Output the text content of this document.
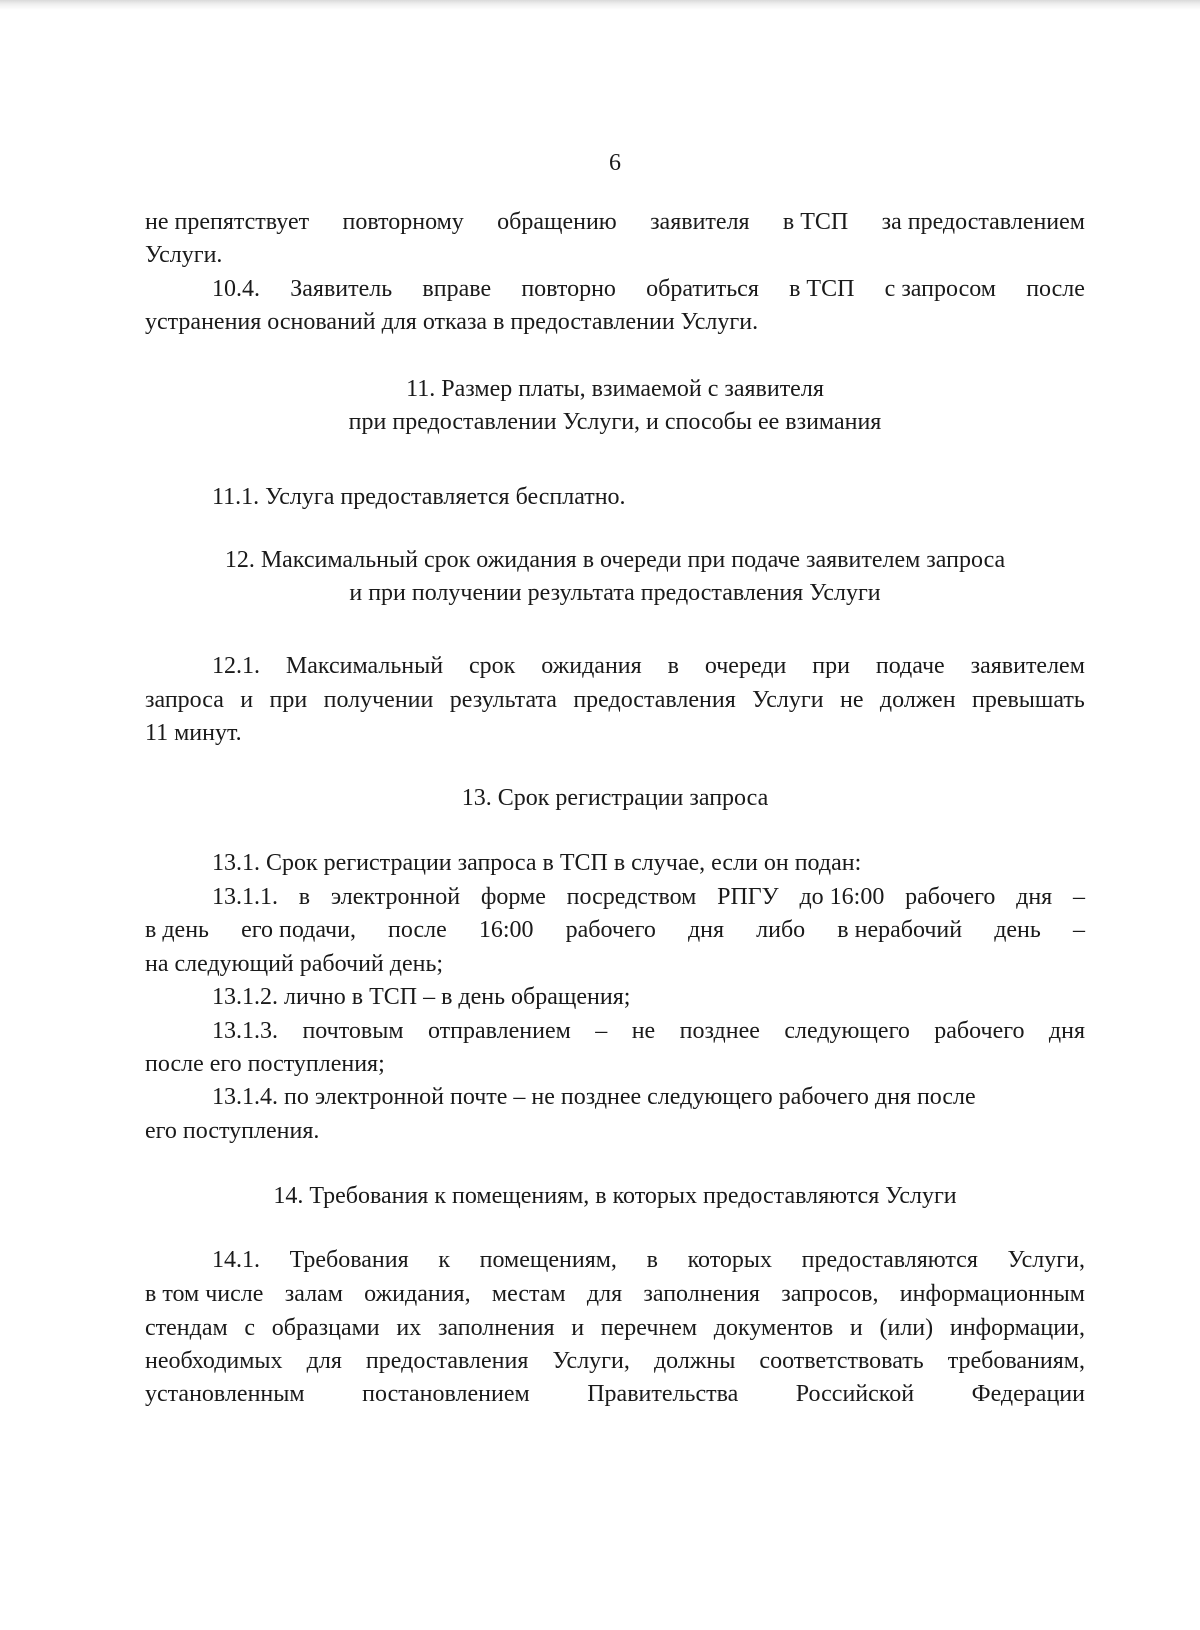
6
не препятствует повторному обращению заявителя в ТСП за предоставлением
Услуги.
10.4. Заявитель вправе повторно обратиться в ТСП с запросом после
устранения оснований для отказа в предоставлении Услуги.
11. Размер платы, взимаемой с заявителя
при предоставлении Услуги, и способы ее взимания
11.1. Услуга предоставляется бесплатно.
12. Максимальный срок ожидания в очереди при подаче заявителем запроса
и при получении результата предоставления Услуги
12.1. Максимальный срок ожидания в очереди при подаче заявителем
запроса и при получении результата предоставления Услуги не должен превышать
11 минут.
13. Срок регистрации запроса
13.1. Срок регистрации запроса в ТСП в случае, если он подан:
13.1.1. в электронной форме посредством РПГУ до 16:00 рабочего дня –
в день его подачи, после 16:00 рабочего дня либо в нерабочий день –
на следующий рабочий день;
13.1.2. лично в ТСП – в день обращения;
13.1.3. почтовым отправлением – не позднее следующего рабочего дня
после его поступления;
13.1.4. по электронной почте – не позднее следующего рабочего дня после
его поступления.
14. Требования к помещениям, в которых предоставляются Услуги
14.1. Требования к помещениям, в которых предоставляются Услуги,
в том числе залам ожидания, местам для заполнения запросов, информационным
стендам с образцами их заполнения и перечнем документов и (или) информации,
необходимых для предоставления Услуги, должны соответствовать требованиям,
установленным постановлением Правительства Российской Федерации
